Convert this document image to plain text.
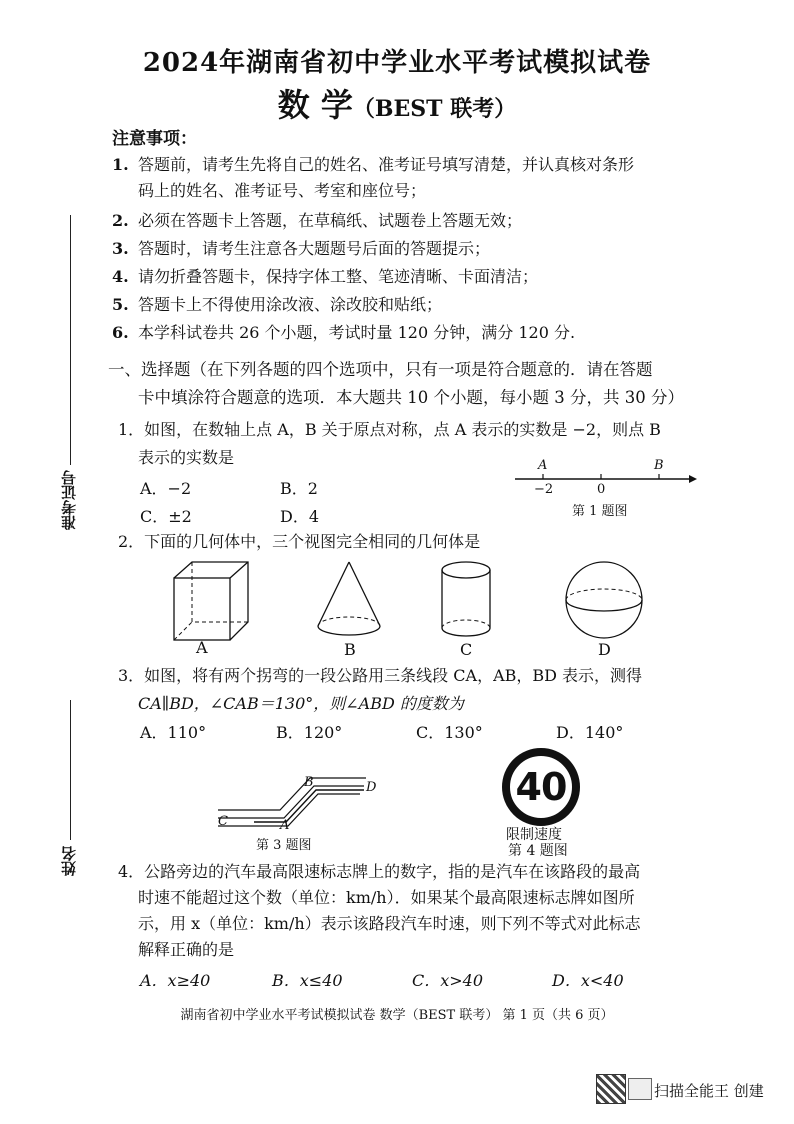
2024年湖南省初中学业水平考试模拟试卷
数 学（BEST 联考）
注意事项：
1. 答题前，请考生先将自己的姓名、准考证号填写清楚，并认真核对条形
码上的姓名、准考证号、考室和座位号；
2. 必须在答题卡上答题，在草稿纸、试题卷上答题无效；
3. 答题时，请考生注意各大题题号后面的答题提示；
4. 请勿折叠答题卡，保持字体工整、笔迹清晰、卡面清洁；
5. 答题卡上不得使用涂改液、涂改胶和贴纸；
6. 本学科试卷共 26 个小题，考试时量 120 分钟，满分 120 分.
准考证号
姓名
一、选择题（在下列各题的四个选项中，只有一项是符合题意的．请在答题
卡中填涂符合题意的选项．本大题共 10 个小题，每小题 3 分，共 30 分）
1．如图，在数轴上点 A，B 关于原点对称，点 A 表示的实数是 −2，则点 B
表示的实数是
A．−2	B．2
C．±2	D．4
A	B
−2	0
第 1 题图
2．下面的几何体中，三个视图完全相同的几何体是
A	B	C	D
3．如图，将有两个拐弯的一段公路用三条线段 CA，AB，BD 表示，测得
CA∥BD，∠CAB＝130°，则∠ABD 的度数为
A．110°	B．120°	C．130°	D．140°
B	D
C	A
第 3 题图
40
限制速度
第 4 题图
4．公路旁边的汽车最高限速标志牌上的数字，指的是汽车在该路段的最高
时速不能超过这个数（单位：km/h）．如果某个最高限速标志牌如图所
示，用 x（单位：km/h）表示该路段汽车时速，则下列不等式对此标志
解释正确的是
A．x≥40	B．x≤40	C．x>40	D．x<40
湖南省初中学业水平考试模拟试卷 数学（BEST 联考） 第 1 页（共 6 页）
扫描全能王 创建
